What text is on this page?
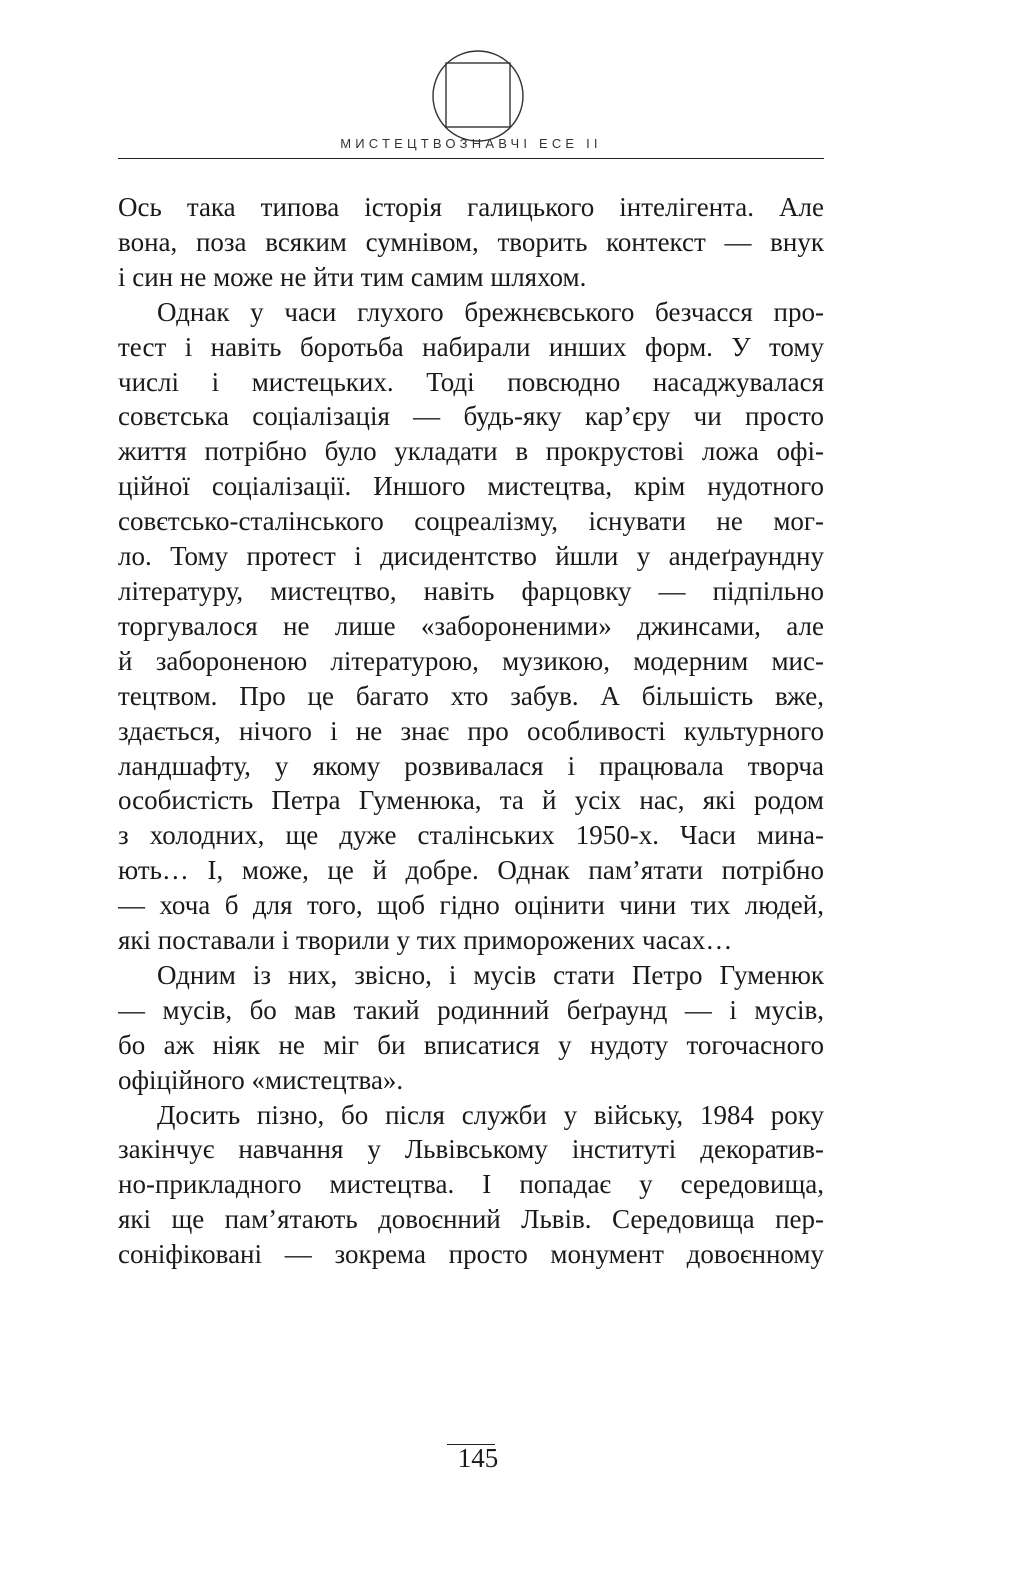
МИСТЕЦТВОЗНАВЧІ ЕСЕ ІІ
Ось така типова історія галицького інтелігента. Але
вона, поза всяким сумнівом, творить контекст — внук
і син не може не йти тим самим шляхом.
Однак у часи глухого брежнєвського безчасся про-
тест і навіть боротьба набирали инших форм. У тому
числі і мистецьких. Тоді повсюдно насаджувалася
совєтська соціалізація — будь-яку кар’єру чи просто
життя потрібно було укладати в прокрустові ложа офі-
ційної соціалізації. Иншого мистецтва, крім нудотного
совєтсько-сталінського соцреалізму, існувати не мог-
ло. Тому протест і дисидентство йшли у андеґраундну
літературу, мистецтво, навіть фарцовку — підпільно
торгувалося не лише «забороненими» джинсами, але
й забороненою літературою, музикою, модерним мис-
тецтвом. Про це багато хто забув. А більшість вже,
здається, нічого і не знає про особливості культурного
ландшафту, у якому розвивалася і працювала творча
особистість Петра Гуменюка, та й усіх нас, які родом
з холодних, ще дуже сталінських 1950-х. Часи мина-
ють… І, може, це й добре. Однак пам’ятати потрібно
— хоча б для того, щоб гідно оцінити чини тих людей,
які поставали і творили у тих приморожених часах…
Одним із них, звісно, і мусів стати Петро Гуменюк
— мусів, бо мав такий родинний беґраунд — і мусів,
бо аж ніяк не міг би вписатися у нудоту тогочасного
офіційного «мистецтва».
Досить пізно, бо після служби у війську, 1984 року
закінчує навчання у Львівському інституті декоратив-
но-прикладного мистецтва. І попадає у середовища,
які ще пам’ятають довоєнний Львів. Середовища пер-
соніфіковані — зокрема просто монумент довоєнному
145
